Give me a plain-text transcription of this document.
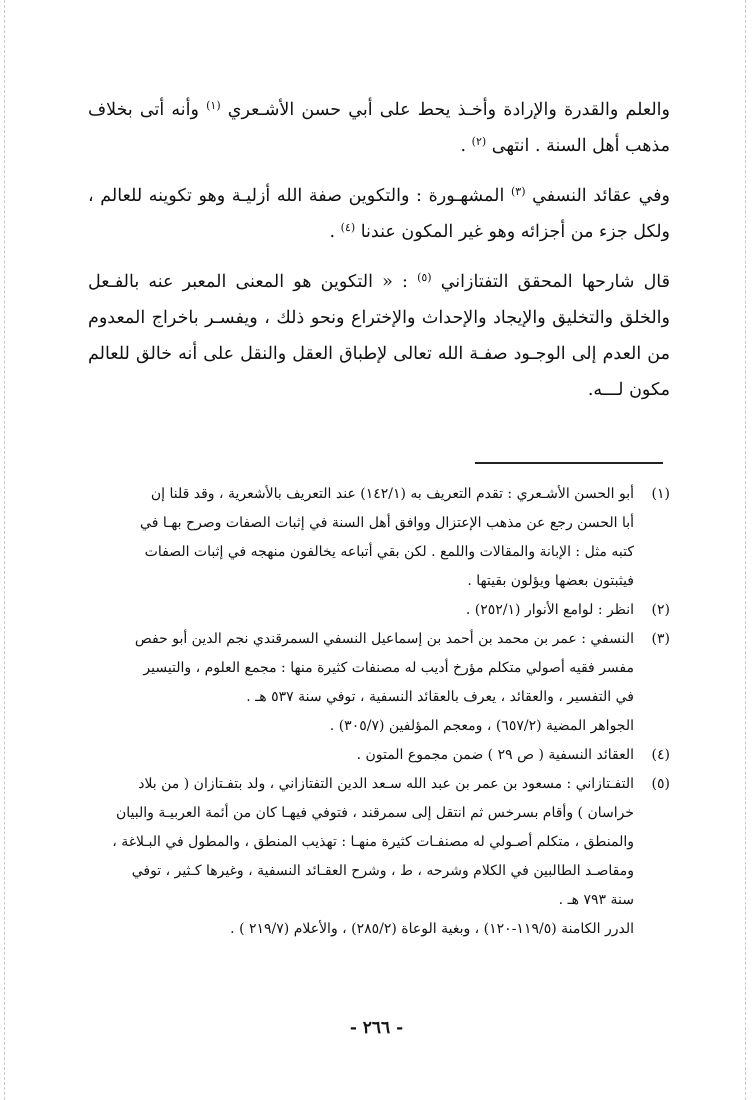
والعلم والقدرة والإرادة وأخـذ يحط على أبي حسن الأشـعري $^{(١)}$ وأنه أتى بخلاف مذهب أهل السنة . انتهى $^{(٢)}$ .

وفي عقائد النسفي $^{(٣)}$ المشهـورة : والتكوين صفة الله أزليـة وهو تكوينه للعالم ، ولكل جزء من أجزائه وهو غير المكون عندنا $^{(٤)}$ .

قال شارحها المحقق التفتازاني $^{(٥)}$ : « التكوين هو المعنى المعبر عنه بالفـعل والخلق والتخليق والإيجاد والإحداث والإختراع ونحو ذلك ، ويفسـر باخراج المعدوم من العدم إلى الوجـود صفـة الله تعالى لإطباق العقل والنقل على أنه خالق للعالم مكون لـــه.

(١)
أبو الحسن الأشـعري : تقدم التعريف به (١٤٢/١) عند التعريف بالأشعرية ، وقد قلنا إن
أبا الحسن رجع عن مذهب الإعتزال ووافق أهل السنة في إثبات الصفات وصرح بهـا في
كتبه مثل : الإبانة والمقالات واللمع . لكن بقي أتباعه يخالفون منهجه في إثبات الصفات
فيثبتون بعضها ويؤلون بقيتها .
(٢)
انظر : لوامع الأنوار (٢٥٢/١) .
(٣)
النسفي : عمر بن محمد بن أحمد بن إسماعيل النسفي السمرقندي نجم الدين أبو حفص
مفسر فقيه أصولي متكلم مؤرخ أديب له مصنفات كثيرة منها : مجمع العلوم ، والتيسير
في التفسير ، والعقائد ، يعرف بالعقائد النسفية ، توفي سنة ٥٣٧ هـ .
الجواهر المضية (٦٥٧/٢) ، ومعجم المؤلفين (٣٠٥/٧) .
(٤)
العقائد النسفية ( ص ٢٩ ) ضمن مجموع المتون .
(٥)
التفـتازاني : مسعود بن عمر بن عبد الله سـعد الدين التفتازاني ، ولد بتفـتازان ( من بلاد
خراسان ) وأقام بسرخس ثم انتقل إلى سمرقند ، فتوفي فيهـا كان من أئمة العربيـة والبيان
والمنطق ، متكلم أصـولي له مصنفـات كثيرة منهـا : تهذيب المنطق ، والمطول في البـلاغة ،
ومقاصـد الطالبين في الكلام وشرحه ، ط ، وشرح العقـائد النسفية ، وغيرها كـثير ، توفي
سنة ٧٩٣ هـ .
الدرر الكامنة (١١٩/٥-١٢٠) ، وبغية الوعاة (٢٨٥/٢) ، والأعلام (٢١٩/٧ ) .
- ٢٦٦ -
